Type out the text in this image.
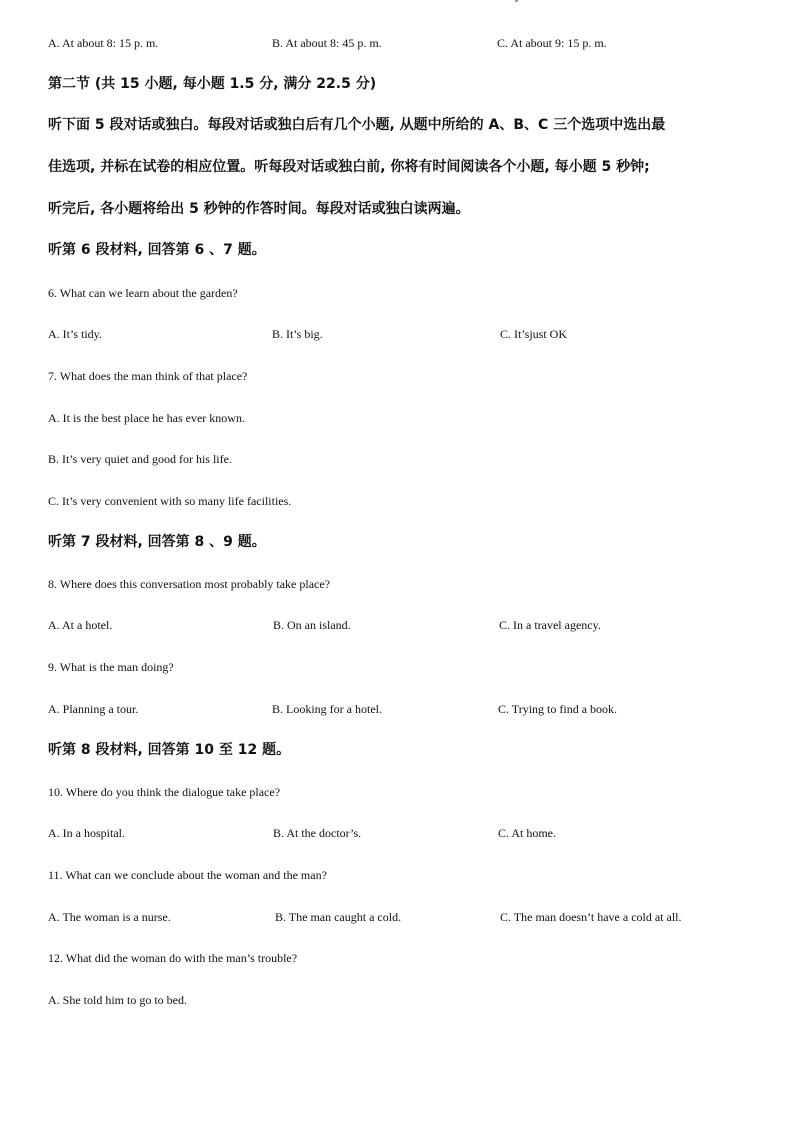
A. At about 8: 15 p. m.	B. At about 8: 45 p. m.	C. At about 9: 15 p. m.
第二节 (共 15 小题, 每小题 1.5 分, 满分 22.5 分)
听下面 5 段对话或独白。每段对话或独白后有几个小题, 从题中所给的 A、B、C 三个选项中选出最
佳选项, 并标在试卷的相应位置。听每段对话或独白前, 你将有时间阅读各个小题, 每小题 5 秒钟;
听完后, 各小题将给出 5 秒钟的作答时间。每段对话或独白读两遍。
听第 6 段材料, 回答第 6 、7 题。
6. What can we learn about the garden?
A. It’s tidy.	B. It’s big.	C. It’sjust OK
7. What does the man think of that place?
A. It is the best place he has ever known.
B. It’s very quiet and good for his life.
C. It’s very convenient with so many life facilities.
听第 7 段材料, 回答第 8 、9 题。
8. Where does this conversation most probably take place?
A. At a hotel.	B. On an island.	C. In a travel agency.
9. What is the man doing?
A. Planning a tour.	B. Looking for a hotel.	C. Trying to find a book.
听第 8 段材料, 回答第 10 至 12 题。
10. Where do you think the dialogue take place?
A. In a hospital.	B. At the doctor’s.	C. At home.
11. What can we conclude about the woman and the man?
A. The woman is a nurse.	B. The man caught a cold.	C. The man doesn’t have a cold at all.
12. What did the woman do with the man’s trouble?
A. She told him to go to bed.
